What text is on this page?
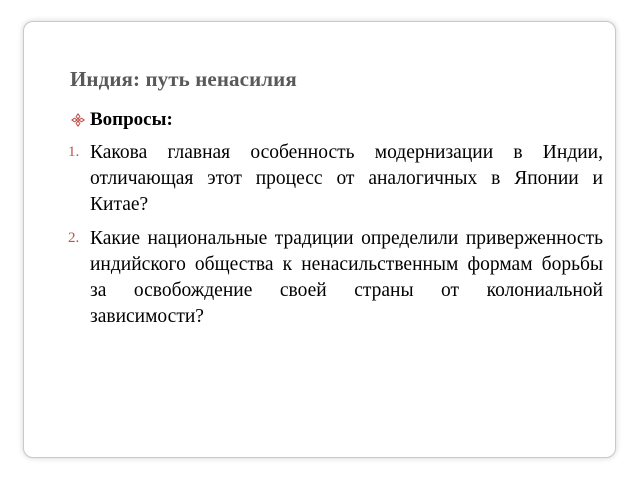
Индия: путь ненасилия
Вопросы:
1. Какова главная особенность модернизации в Индии, отличающая этот процесс от аналогичных в Японии и Китае?
2. Какие национальные традиции определили приверженность индийского общества к ненасильственным формам борьбы за освобождение своей страны от колониальной зависимости?
